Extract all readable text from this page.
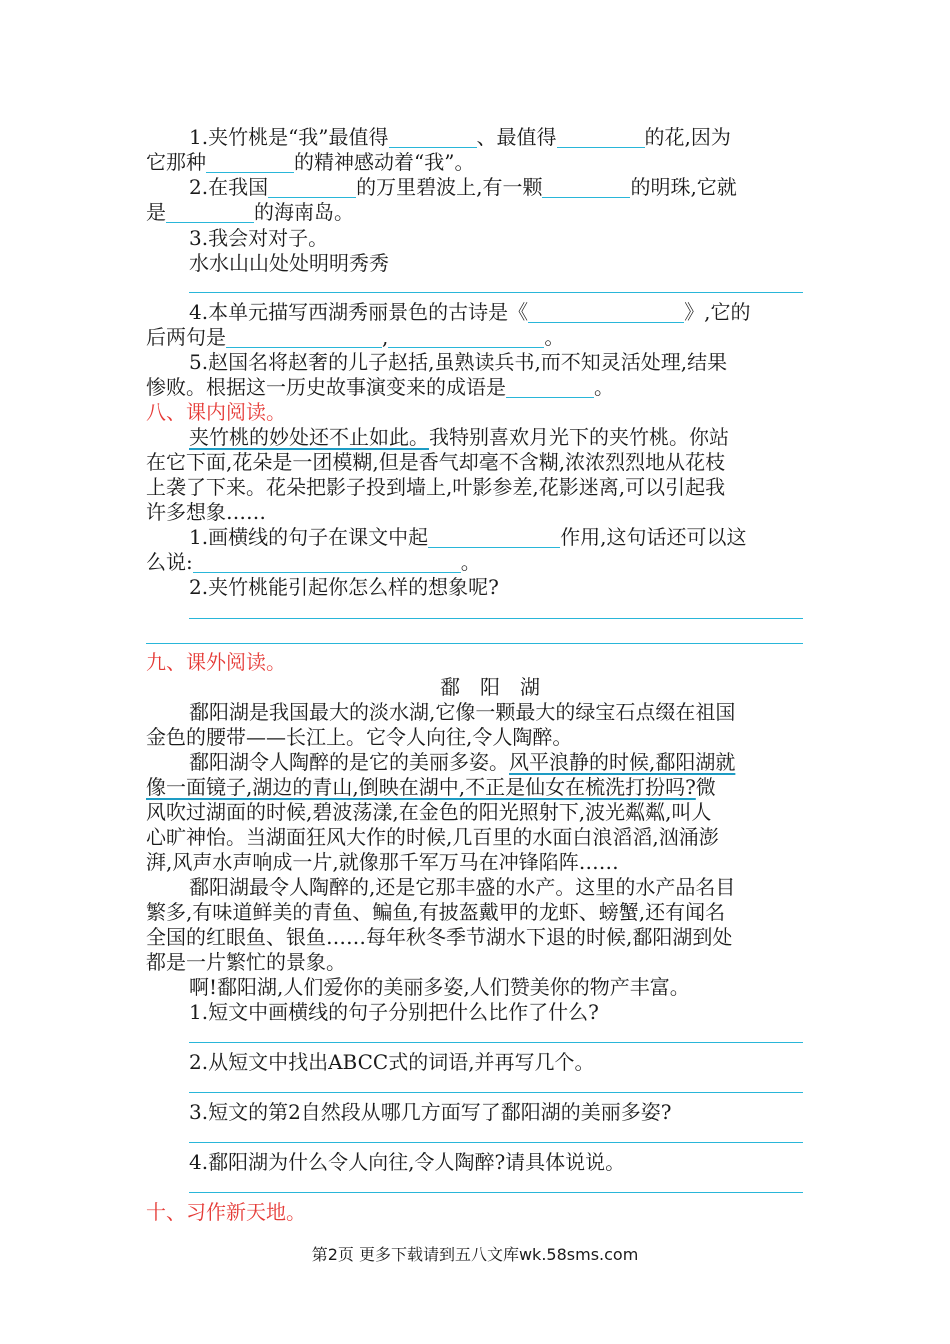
1.夹竹桃是“我”最值得	、最值得	的花,因为
它那种	的精神感动着“我”。
2.在我国	的万里碧波上,有一颗	的明珠,它就
是	的海南岛。
3.我会对对子。
水水山山处处明明秀秀
4.本单元描写西湖秀丽景色的古诗是《	》,它的
后两句是	,	。
5.赵国名将赵奢的儿子赵括,虽熟读兵书,而不知灵活处理,结果
惨败。根据这一历史故事演变来的成语是	。
八、课内阅读。
夹竹桃的妙处还不止如此。我特别喜欢月光下的夹竹桃。你站
在它下面,花朵是一团模糊,但是香气却毫不含糊,浓浓烈烈地从花枝
上袭了下来。花朵把影子投到墙上,叶影参差,花影迷离,可以引起我
许多想象……
1.画横线的句子在课文中起	作用,这句话还可以这
么说:	。
2.夹竹桃能引起你怎么样的想象呢?
九、课外阅读。
鄱　阳　湖
鄱阳湖是我国最大的淡水湖,它像一颗最大的绿宝石点缀在祖国
金色的腰带——长江上。它令人向往,令人陶醉。
鄱阳湖令人陶醉的是它的美丽多姿。风平浪静的时候,鄱阳湖就
像一面镜子,湖边的青山,倒映在湖中,不正是仙女在梳洗打扮吗?微
风吹过湖面的时候,碧波荡漾,在金色的阳光照射下,波光粼粼,叫人
心旷神怡。当湖面狂风大作的时候,几百里的水面白浪滔滔,汹涌澎
湃,风声水声响成一片,就像那千军万马在冲锋陷阵……
鄱阳湖最令人陶醉的,还是它那丰盛的水产。这里的水产品名目
繁多,有味道鲜美的青鱼、鳊鱼,有披盔戴甲的龙虾、螃蟹,还有闻名
全国的红眼鱼、银鱼……每年秋冬季节湖水下退的时候,鄱阳湖到处
都是一片繁忙的景象。
啊!鄱阳湖,人们爱你的美丽多姿,人们赞美你的物产丰富。
1.短文中画横线的句子分别把什么比作了什么?
2.从短文中找出ABCC式的词语,并再写几个。
3.短文的第2自然段从哪几方面写了鄱阳湖的美丽多姿?
4.鄱阳湖为什么令人向往,令人陶醉?请具体说说。
十、习作新天地。
第2页 更多下载请到五八文库wk.58sms.com
